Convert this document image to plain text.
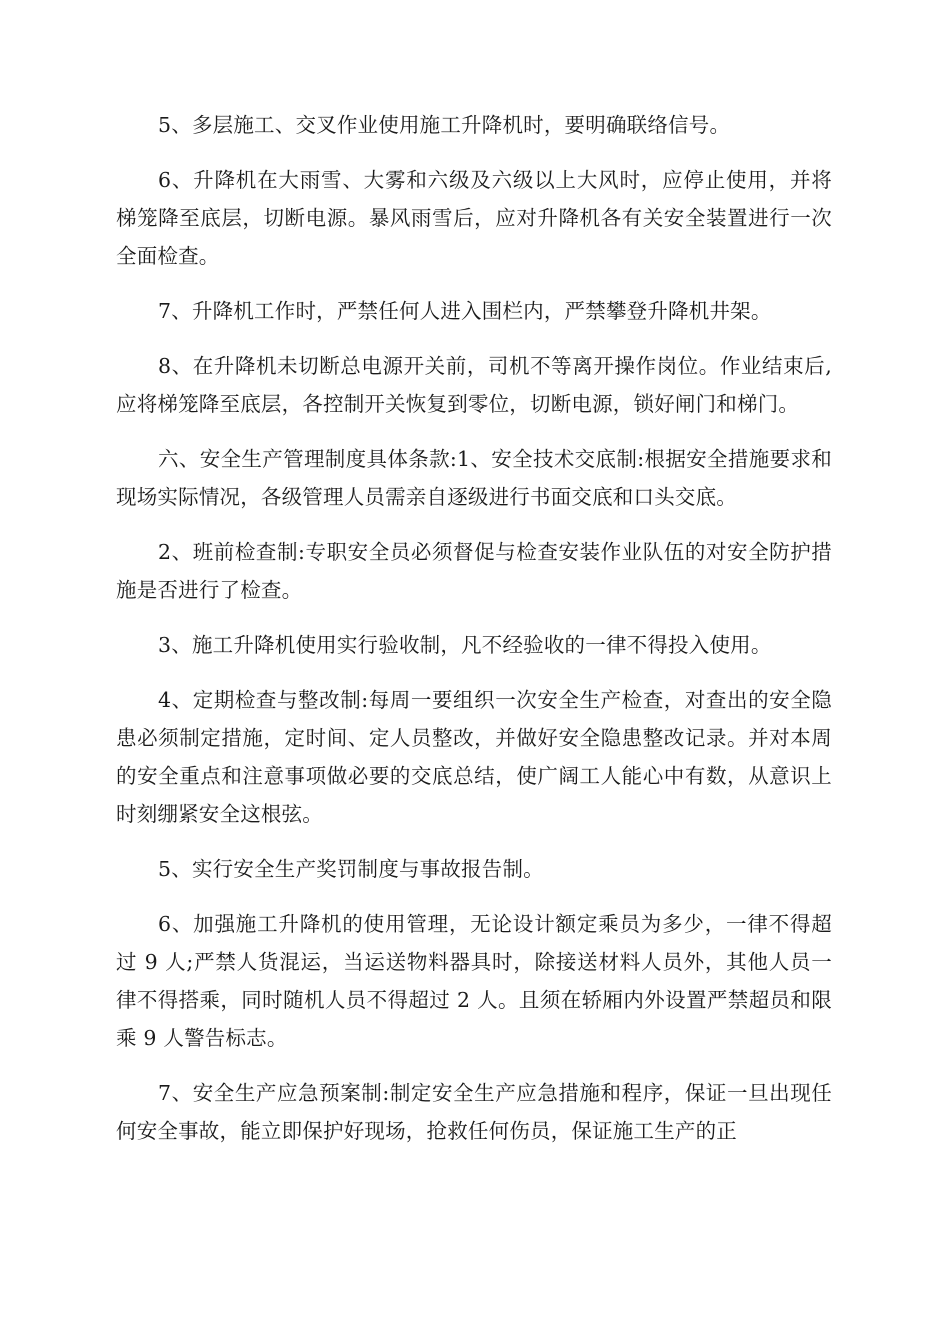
5、多层施工、交叉作业使用施工升降机时，要明确联络信号。

6、升降机在大雨雪、大雾和六级及六级以上大风时，应停止使用，并将梯笼降至底层，切断电源。暴风雨雪后，应对升降机各有关安全装置进行一次全面检查。

7、升降机工作时，严禁任何人进入围栏内，严禁攀登升降机井架。

8、在升降机未切断总电源开关前，司机不等离开操作岗位。作业结束后,应将梯笼降至底层，各控制开关恢复到零位，切断电源，锁好闸门和梯门。

六、安全生产管理制度具体条款:1、安全技术交底制:根据安全措施要求和现场实际情况，各级管理人员需亲自逐级进行书面交底和口头交底。

2、班前检查制:专职安全员必须督促与检查安装作业队伍的对安全防护措施是否进行了检查。

3、施工升降机使用实行验收制，凡不经验收的一律不得投入使用。

4、定期检查与整改制:每周一要组织一次安全生产检查，对查出的安全隐患必须制定措施，定时间、定人员整改，并做好安全隐患整改记录。并对本周的安全重点和注意事项做必要的交底总结，使广阔工人能心中有数，从意识上时刻绷紧安全这根弦。

5、实行安全生产奖罚制度与事故报告制。

6、加强施工升降机的使用管理，无论设计额定乘员为多少，一律不得超过 9 人;严禁人货混运，当运送物料器具时，除接送材料人员外，其他人员一律不得搭乘，同时随机人员不得超过 2 人。且须在轿厢内外设置严禁超员和限乘 9 人警告标志。

7、安全生产应急预案制:制定安全生产应急措施和程序，保证一旦出现任何安全事故，能立即保护好现场，抢救任何伤员，保证施工生产的正
